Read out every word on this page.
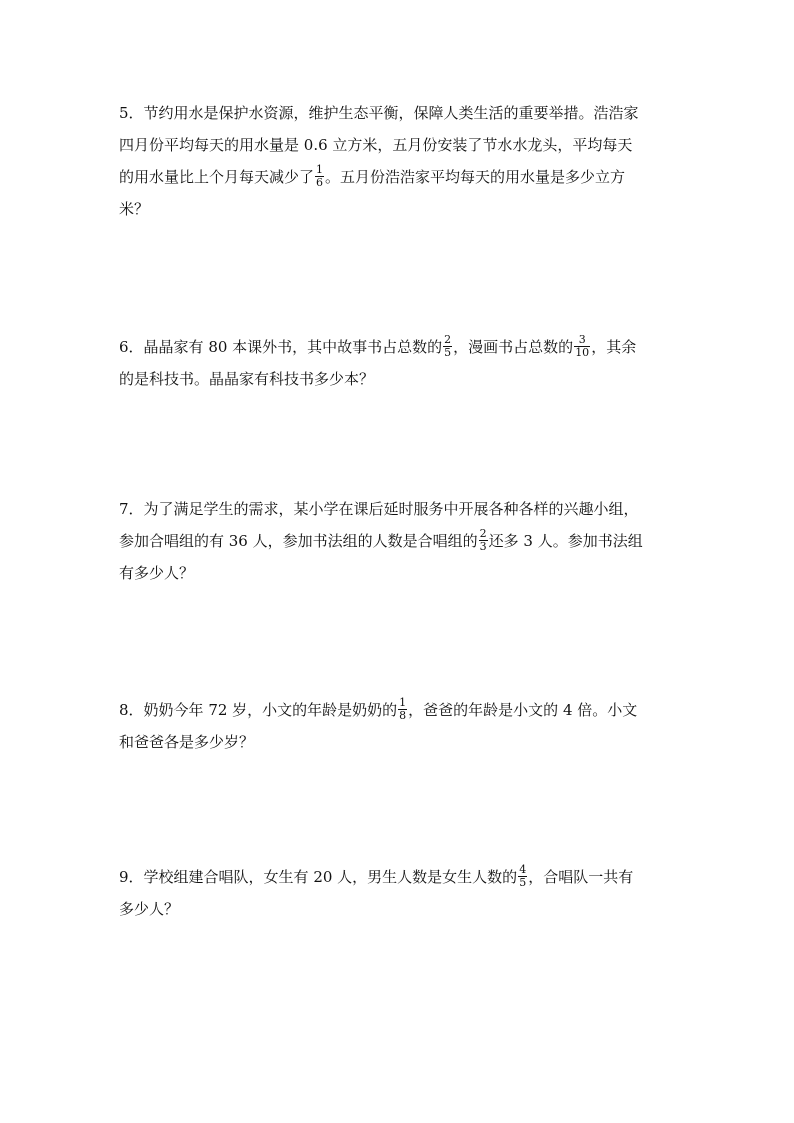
5．节约用水是保护水资源，维护生态平衡，保障人类生活的重要举措。浩浩家
四月份平均每天的用水量是 0.6 立方米，五月份安装了节水水龙头，平均每天
的用水量比上个月每天减少了 $\frac{1}{6}$ 。五月份浩浩家平均每天的用水量是多少立方
米？
6．晶晶家有 80 本课外书，其中故事书占总数的 $\frac{2}{5}$ ，漫画书占总数的 $\frac{3}{10}$ ，其余
的是科技书。晶晶家有科技书多少本？
7．为了满足学生的需求，某小学在课后延时服务中开展各种各样的兴趣小组，
参加合唱组的有 36 人，参加书法组的人数是合唱组的 $\frac{2}{3}$ 还多 3 人。参加书法组
有多少人？
8．奶奶今年 72 岁，小文的年龄是奶奶的 $\frac{1}{8}$ ，爸爸的年龄是小文的 4 倍。小文
和爸爸各是多少岁？
9．学校组建合唱队，女生有 20 人，男生人数是女生人数的 $\frac{4}{5}$ ，合唱队一共有
多少人？
